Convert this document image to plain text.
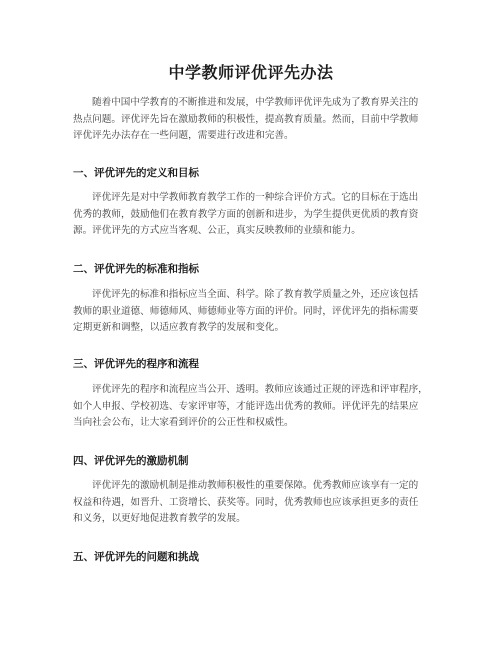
中学教师评优评先办法
随着中国中学教育的不断推进和发展，中学教师评优评先成为了教育界关注的
热点问题。评优评先旨在激励教师的积极性，提高教育质量。然而，目前中学教师
评优评先办法存在一些问题，需要进行改进和完善。
一、评优评先的定义和目标
评优评先是对中学教师教育教学工作的一种综合评价方式。它的目标在于选出
优秀的教师，鼓励他们在教育教学方面的创新和进步，为学生提供更优质的教育资
源。评优评先的方式应当客观、公正，真实反映教师的业绩和能力。
二、评优评先的标准和指标
评优评先的标准和指标应当全面、科学。除了教育教学质量之外，还应该包括
教师的职业道德、师德师风、师德师业等方面的评价。同时，评优评先的指标需要
定期更新和调整，以适应教育教学的发展和变化。
三、评优评先的程序和流程
评优评先的程序和流程应当公开、透明。教师应该通过正规的评选和评审程序，
如个人申报、学校初选、专家评审等，才能评选出优秀的教师。评优评先的结果应
当向社会公布，让大家看到评价的公正性和权威性。
四、评优评先的激励机制
评优评先的激励机制是推动教师积极性的重要保障。优秀教师应该享有一定的
权益和待遇，如晋升、工资增长、获奖等。同时，优秀教师也应该承担更多的责任
和义务，以更好地促进教育教学的发展。
五、评优评先的问题和挑战
